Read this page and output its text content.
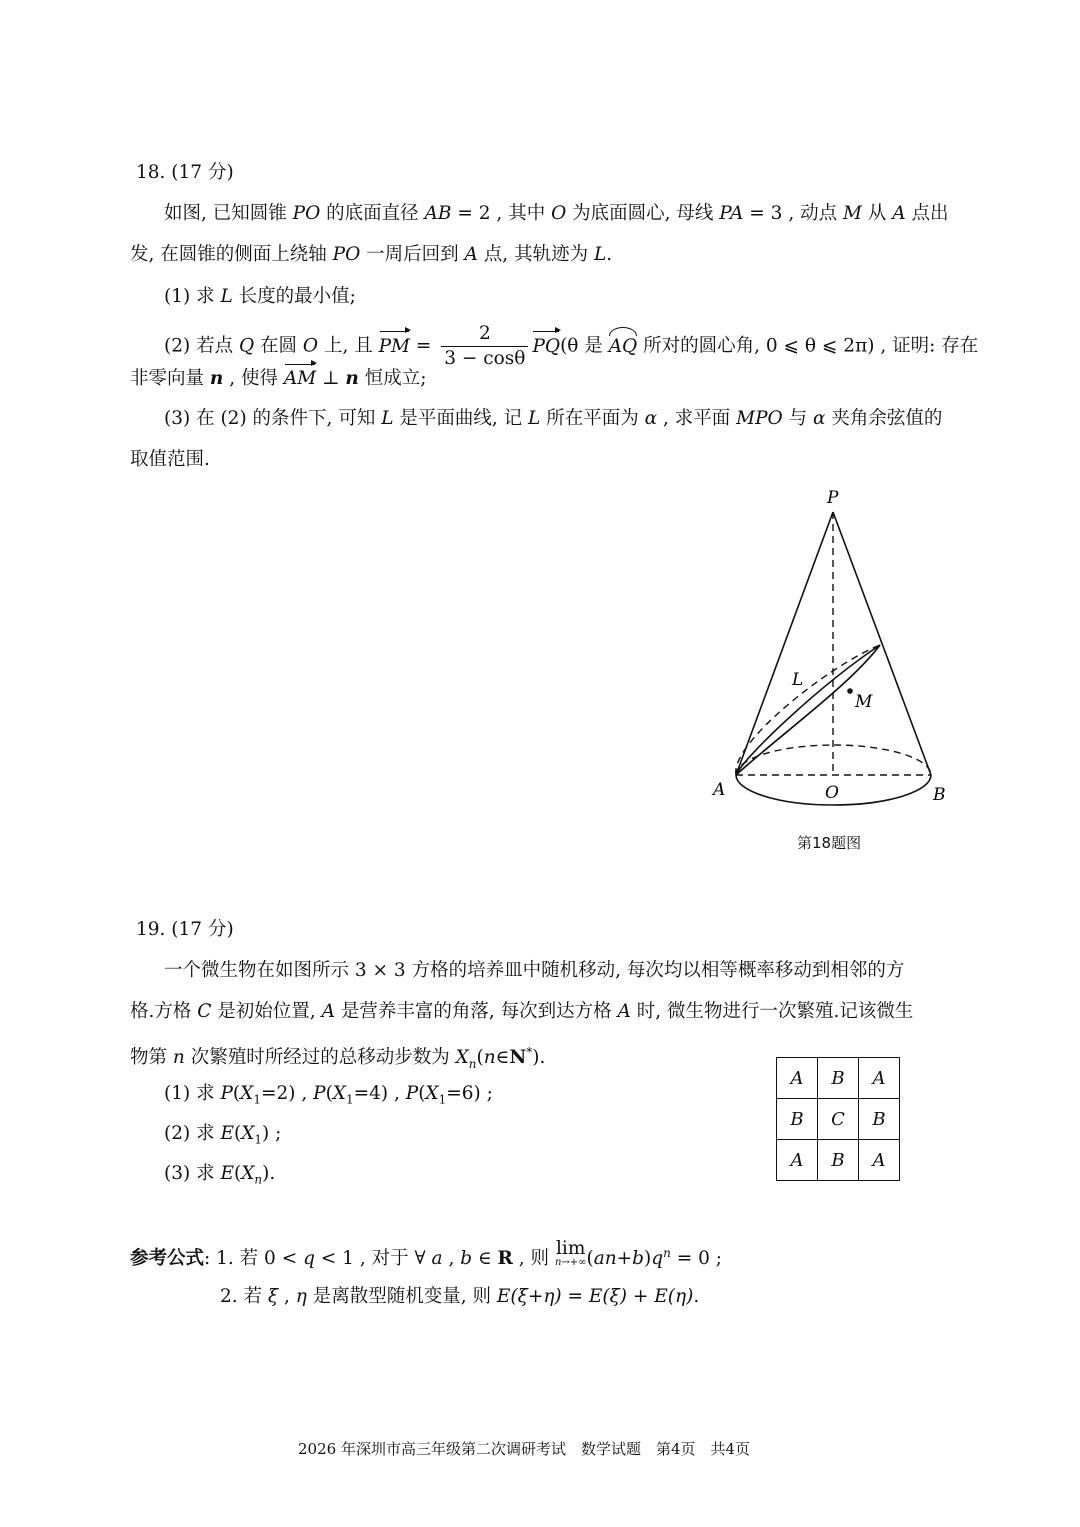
18. (17 分)
如图, 已知圆锥 PO 的底面直径 AB = 2 , 其中 O 为底面圆心, 母线 PA = 3 , 动点 M 从 A 点出
发, 在圆锥的侧面上绕轴 PO 一周后回到 A 点, 其轨迹为 L.
(1) 求 L 长度的最小值;
(2) 若点 Q 在圆 O 上, 且 PM = $\frac{2}{3 - \cos\theta} PQ(\theta$ 是 AQ 所对的圆心角, 0 ⩽ θ ⩽ 2π) , 证明: 存在
非零向量 n , 使得 AM ⊥ n 恒成立;
(3) 在 (2) 的条件下, 可知 L 是平面曲线, 记 L 所在平面为 α , 求平面 MPO 与 α 夹角余弦值的
取值范围.
P
L
M
A	O	B
第18题图
19. (17 分)
一个微生物在如图所示 3 × 3 方格的培养皿中随机移动, 每次均以相等概率移动到相邻的方
格.方格 C 是初始位置, A 是营养丰富的角落, 每次到达方格 A 时, 微生物进行一次繁殖.记该微生
物第 n 次繁殖时所经过的总移动步数为 $X_n(n\in N^*)$.
(1) 求 $P(X_1=2)$ , $P(X_1=4)$ , $P(X_1=6)$ ;
(2) 求 $E(X_1)$ ;
(3) 求 $E(X_n)$.
A	B	A
B	C	B
A	B	A
参考公式: 1. 若 0 < q < 1 , 对于 ∀ a , b ∈ R , 则 lim
n→+∞ $(an+b)q^n = 0$ ;
2. 若 ξ , η 是离散型随机变量, 则 E(ξ+η) = E(ξ) + E(η).
2026 年深圳市高三年级第二次调研考试　数学试题　第4页　共4页
